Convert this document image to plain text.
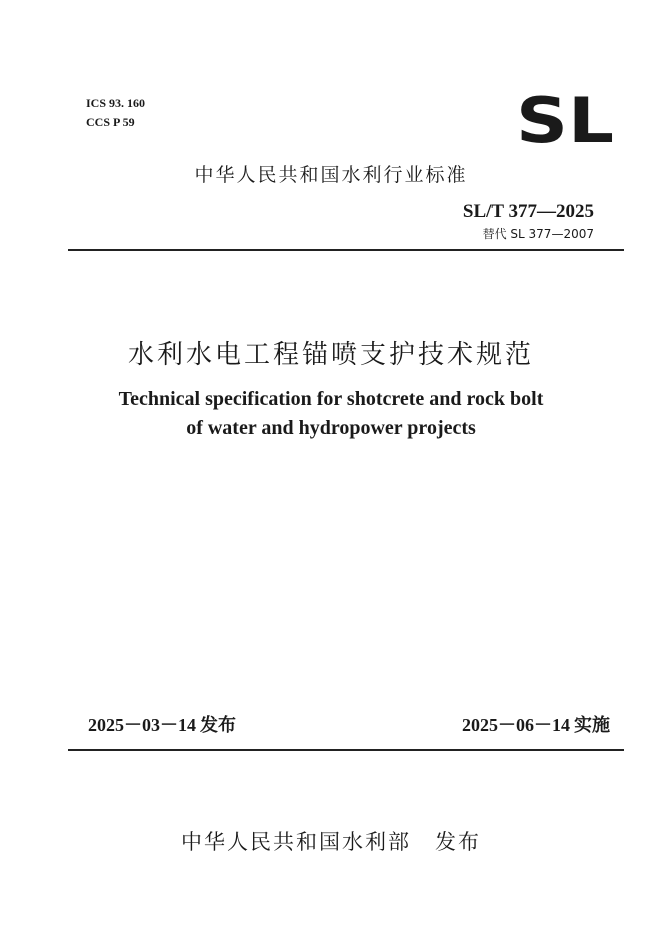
ICS 93. 160
CCS P 59	SL
中华人民共和国水利行业标准
SL/T 377—2025
替代 SL 377—2007
水利水电工程锚喷支护技术规范
Technical specification for shotcrete and rock bolt
of water and hydropower projects
2025－03－14 发布	2025－06－14 实施
中华人民共和国水利部 发布
